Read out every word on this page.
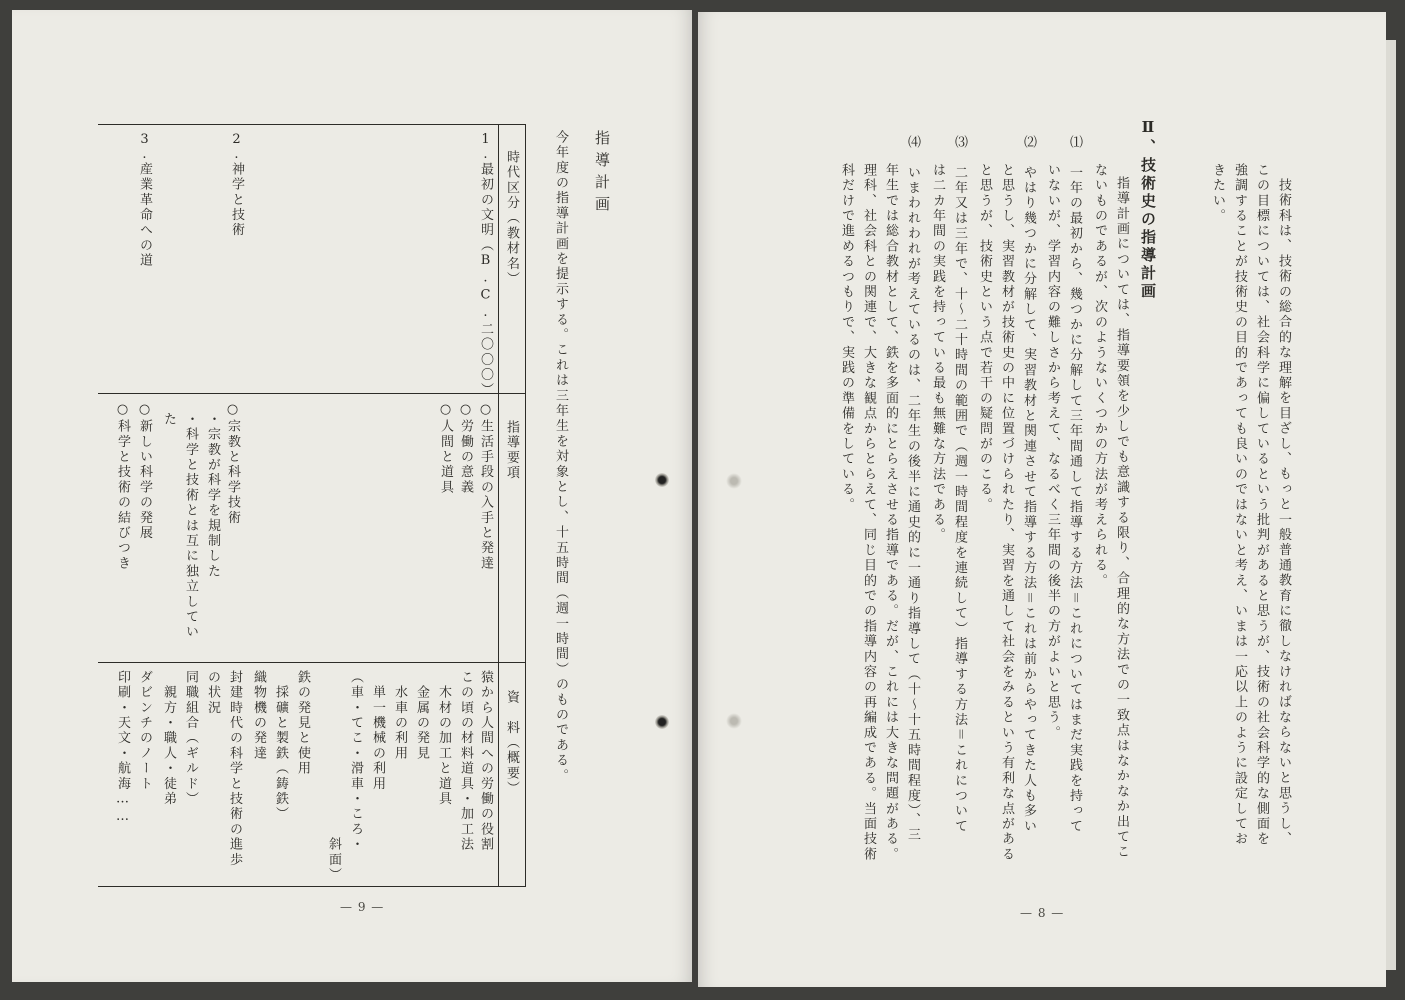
指導計画
今年度の指導計画を提示する。これは三年生を対象とし、十五時間（週一時間）のものである。
時代区分（教材名）
指導要項
資　料（概要）
1.
最初の文明（B.C.二〇〇〇）
2.
神学と技術
3.
産業革命への道
○生活手段の入手と発達
○労働の意義
○人間と道具
○宗教と科学技術
・宗教が科学を規制した
・科学と技術とは互に独立してい
た
○新しい科学の発展
○科学と技術の結びつき
猿から人間への労働の役割
この頃の材料道具・加工法
　木材の加工と道具
　金属の発見
　水車の利用
　単一機械の利用
（車・てこ・滑車・ころ・
　　　　　　　　　　　斜面）
鉄の発見と使用
　採礦と製鉄（鋳鉄）
織物機の発達
封建時代の科学と技術の進歩
の状況
同職組合（ギルド）
　親方・職人・徒弟
ダビンチのノート
印刷・天文・航海……
— 9 —
技術科は、技術の総合的な理解を目ざし、もっと一般普通教育に徹しなければならないと思うし、
この目標については、社会科学に偏しているという批判があると思うが、技術の社会科学的な側面を
強調することが技術史の目的であっても良いのではないと考え、いまは一応以上のように設定してお
きたい。
Ⅱ、技術史の指導計画
指導計画については、指導要領を少しでも意識する限り、合理的な方法での一致点はなかなか出てこ
ないものであるが、次のようないくつかの方法が考えられる。
⑴　一年の最初から、幾つかに分解して三年間通して指導する方法＝これについてはまだ実践を持って
いないが、学習内容の難しさから考えて、なるべく三年間の後半の方がよいと思う。
⑵　やはり幾つかに分解して、実習教材と関連させて指導する方法＝これは前からやってきた人も多い
と思うし、実習教材が技術史の中に位置づけられたり、実習を通して社会をみるという有利な点がある
と思うが、技術史という点で若干の疑問がのこる。
⑶　二年又は三年で、十〜二十時間の範囲で（週一時間程度を連続して）指導する方法＝これについて
は二カ年間の実践を持っている最も無難な方法である。
⑷　いまわれわれが考えているのは、二年生の後半に通史的に一通り指導して（十〜十五時間程度）、三
年生では総合教材として、鉄を多面的にとらえさせる指導である。だが、これには大きな問題がある。
理科、社会科との関連で、大きな観点からとらえて、同じ目的での指導内容の再編成である。当面技術
科だけで進めるつもりで、実践の準備をしている。
— 8 —
